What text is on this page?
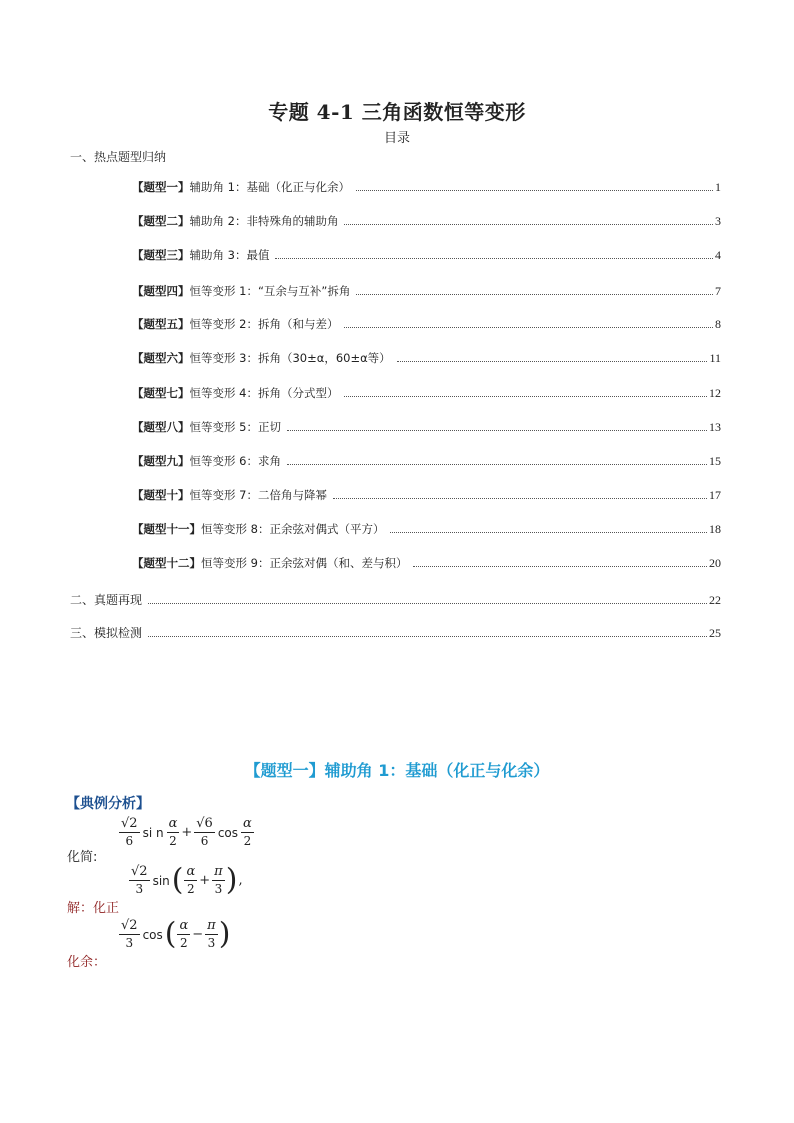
专题 4-1 三角函数恒等变形
目录
一、热点题型归纳
【题型一】辅助角 1：基础（化正与化余）	1
【题型二】辅助角 2：非特殊角的辅助角	3
【题型三】辅助角 3：最值	4
【题型四】恒等变形 1：“互余与互补”拆角	7
【题型五】恒等变形 2：拆角（和与差）	8
【题型六】恒等变形 3：拆角（30±α，60±α等）	11
【题型七】恒等变形 4：拆角（分式型）	12
【题型八】恒等变形 5：正切	13
【题型九】恒等变形 6：求角	15
【题型十】恒等变形 7：二倍角与降幂	17
【题型十一】恒等变形 8：正余弦对偶式（平方）	18
【题型十二】恒等变形 9：正余弦对偶（和、差与积）	20
二、真题再现	22
三、模拟检测	25
【题型一】辅助角 1：基础（化正与化余）
【典例分析】
$\frac{√2}{6}$ si n $\frac{\alpha}{2} + \frac{√6}{6}$ $\cos \frac{\alpha}{2}$
化简:
$\frac{√2}{3} \sin( \frac{\alpha}{2} + \frac{\pi}{3}$ ),
解：化正
$\frac{√2}{3} \cos( \frac{\alpha}{2} - \frac{\pi}{3}$ )
化余：
